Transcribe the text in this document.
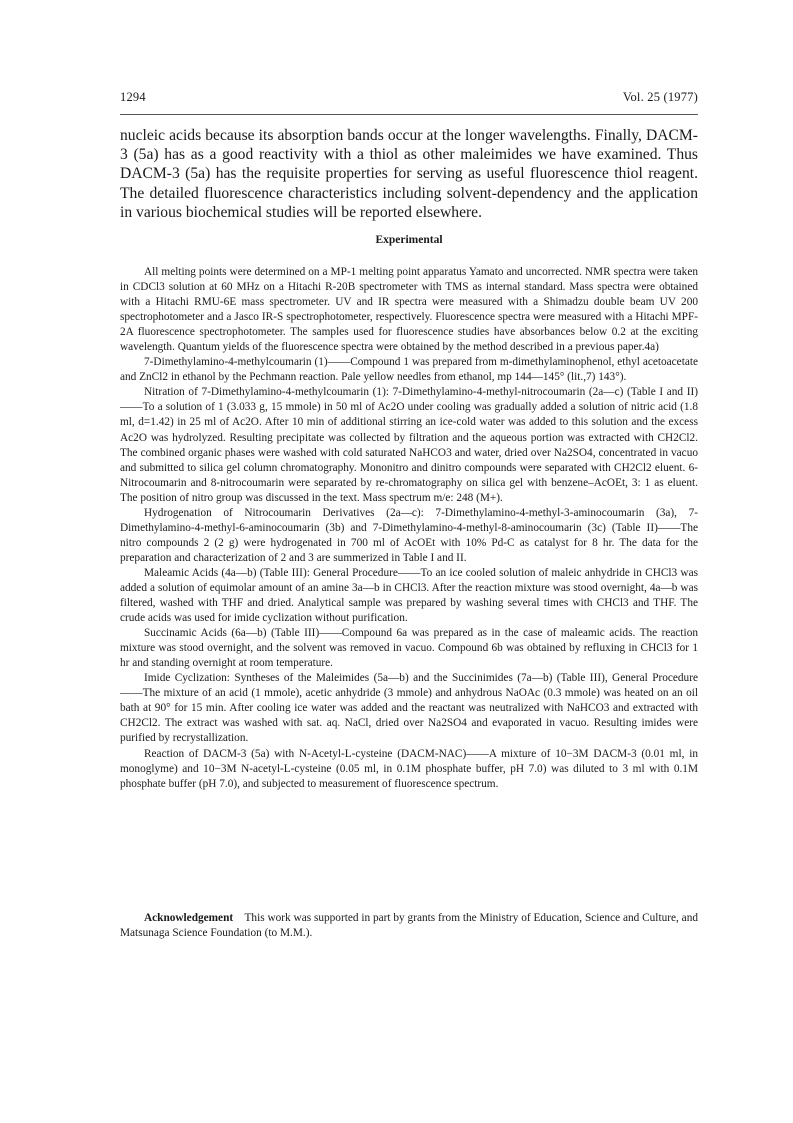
1294	Vol. 25 (1977)

nucleic acids because its absorption bands occur at the longer wavelengths. Finally, DACM-3 (5a) has as a good reactivity with a thiol as other maleimides we have examined. Thus DACM-3 (5a) has the requisite properties for serving as useful fluorescence thiol reagent. The detailed fluorescence characteristics including solvent-dependency and the application in various biochemical studies will be reported elsewhere.

Experimental

All melting points were determined on a MP-1 melting point apparatus Yamato and uncorrected. NMR spectra were taken in CDCl3 solution at 60 MHz on a Hitachi R-20B spectrometer with TMS as internal standard. Mass spectra were obtained with a Hitachi RMU-6E mass spectrometer. UV and IR spectra were measured with a Shimadzu double beam UV 200 spectrophotometer and a Jasco IR-S spectrophotometer, respectively. Fluorescence spectra were measured with a Hitachi MPF-2A fluorescence spectrophotometer. The samples used for fluorescence studies have absorbances below 0.2 at the exciting wavelength. Quantum yields of the fluorescence spectra were obtained by the method described in a previous paper.4a)

7-Dimethylamino-4-methylcoumarin (1)——Compound 1 was prepared from m-dimethylaminophenol, ethyl acetoacetate and ZnCl2 in ethanol by the Pechmann reaction. Pale yellow needles from ethanol, mp 144—145° (lit.,7) 143°).

Nitration of 7-Dimethylamino-4-methylcoumarin (1): 7-Dimethylamino-4-methyl-nitrocoumarin (2a—c) (Table I and II)——To a solution of 1 (3.033 g, 15 mmole) in 50 ml of Ac2O under cooling was gradually added a solution of nitric acid (1.8 ml, d=1.42) in 25 ml of Ac2O. After 10 min of additional stirring an ice-cold water was added to this solution and the excess Ac2O was hydrolyzed. Resulting precipitate was collected by filtration and the aqueous portion was extracted with CH2Cl2. The combined organic phases were washed with cold saturated NaHCO3 and water, dried over Na2SO4, concentrated in vacuo and submitted to silica gel column chromatography. Mononitro and dinitro compounds were separated with CH2Cl2 eluent. 6-Nitrocoumarin and 8-nitrocoumarin were separated by re-chromatography on silica gel with benzene–AcOEt, 3: 1 as eluent. The position of nitro group was discussed in the text. Mass spectrum m/e: 248 (M+).

Hydrogenation of Nitrocoumarin Derivatives (2a—c): 7-Dimethylamino-4-methyl-3-aminocoumarin (3a), 7-Dimethylamino-4-methyl-6-aminocoumarin (3b) and 7-Dimethylamino-4-methyl-8-aminocoumarin (3c) (Table II)——The nitro compounds 2 (2 g) were hydrogenated in 700 ml of AcOEt with 10% Pd-C as catalyst for 8 hr. The data for the preparation and characterization of 2 and 3 are summerized in Table I and II.

Maleamic Acids (4a—b) (Table III): General Procedure——To an ice cooled solution of maleic anhydride in CHCl3 was added a solution of equimolar amount of an amine 3a—b in CHCl3. After the reaction mixture was stood overnight, 4a—b was filtered, washed with THF and dried. Analytical sample was prepared by washing several times with CHCl3 and THF. The crude acids was used for imide cyclization without purification.

Succinamic Acids (6a—b) (Table III)——Compound 6a was prepared as in the case of maleamic acids. The reaction mixture was stood overnight, and the solvent was removed in vacuo. Compound 6b was obtained by refluxing in CHCl3 for 1 hr and standing overnight at room temperature.

Imide Cyclization: Syntheses of the Maleimides (5a—b) and the Succinimides (7a—b) (Table III), General Procedure——The mixture of an acid (1 mmole), acetic anhydride (3 mmole) and anhydrous NaOAc (0.3 mmole) was heated on an oil bath at 90° for 15 min. After cooling ice water was added and the reactant was neutralized with NaHCO3 and extracted with CH2Cl2. The extract was washed with sat. aq. NaCl, dried over Na2SO4 and evaporated in vacuo. Resulting imides were purified by recrystallization.

Reaction of DACM-3 (5a) with N-Acetyl-L-cysteine (DACM-NAC)——A mixture of 10−3M DACM-3 (0.01 ml, in monoglyme) and 10−3M N-acetyl-L-cysteine (0.05 ml, in 0.1M phosphate buffer, pH 7.0) was diluted to 3 ml with 0.1M phosphate buffer (pH 7.0), and subjected to measurement of fluorescence spectrum.

Acknowledgement This work was supported in part by grants from the Ministry of Education, Science and Culture, and Matsunaga Science Foundation (to M.M.).
